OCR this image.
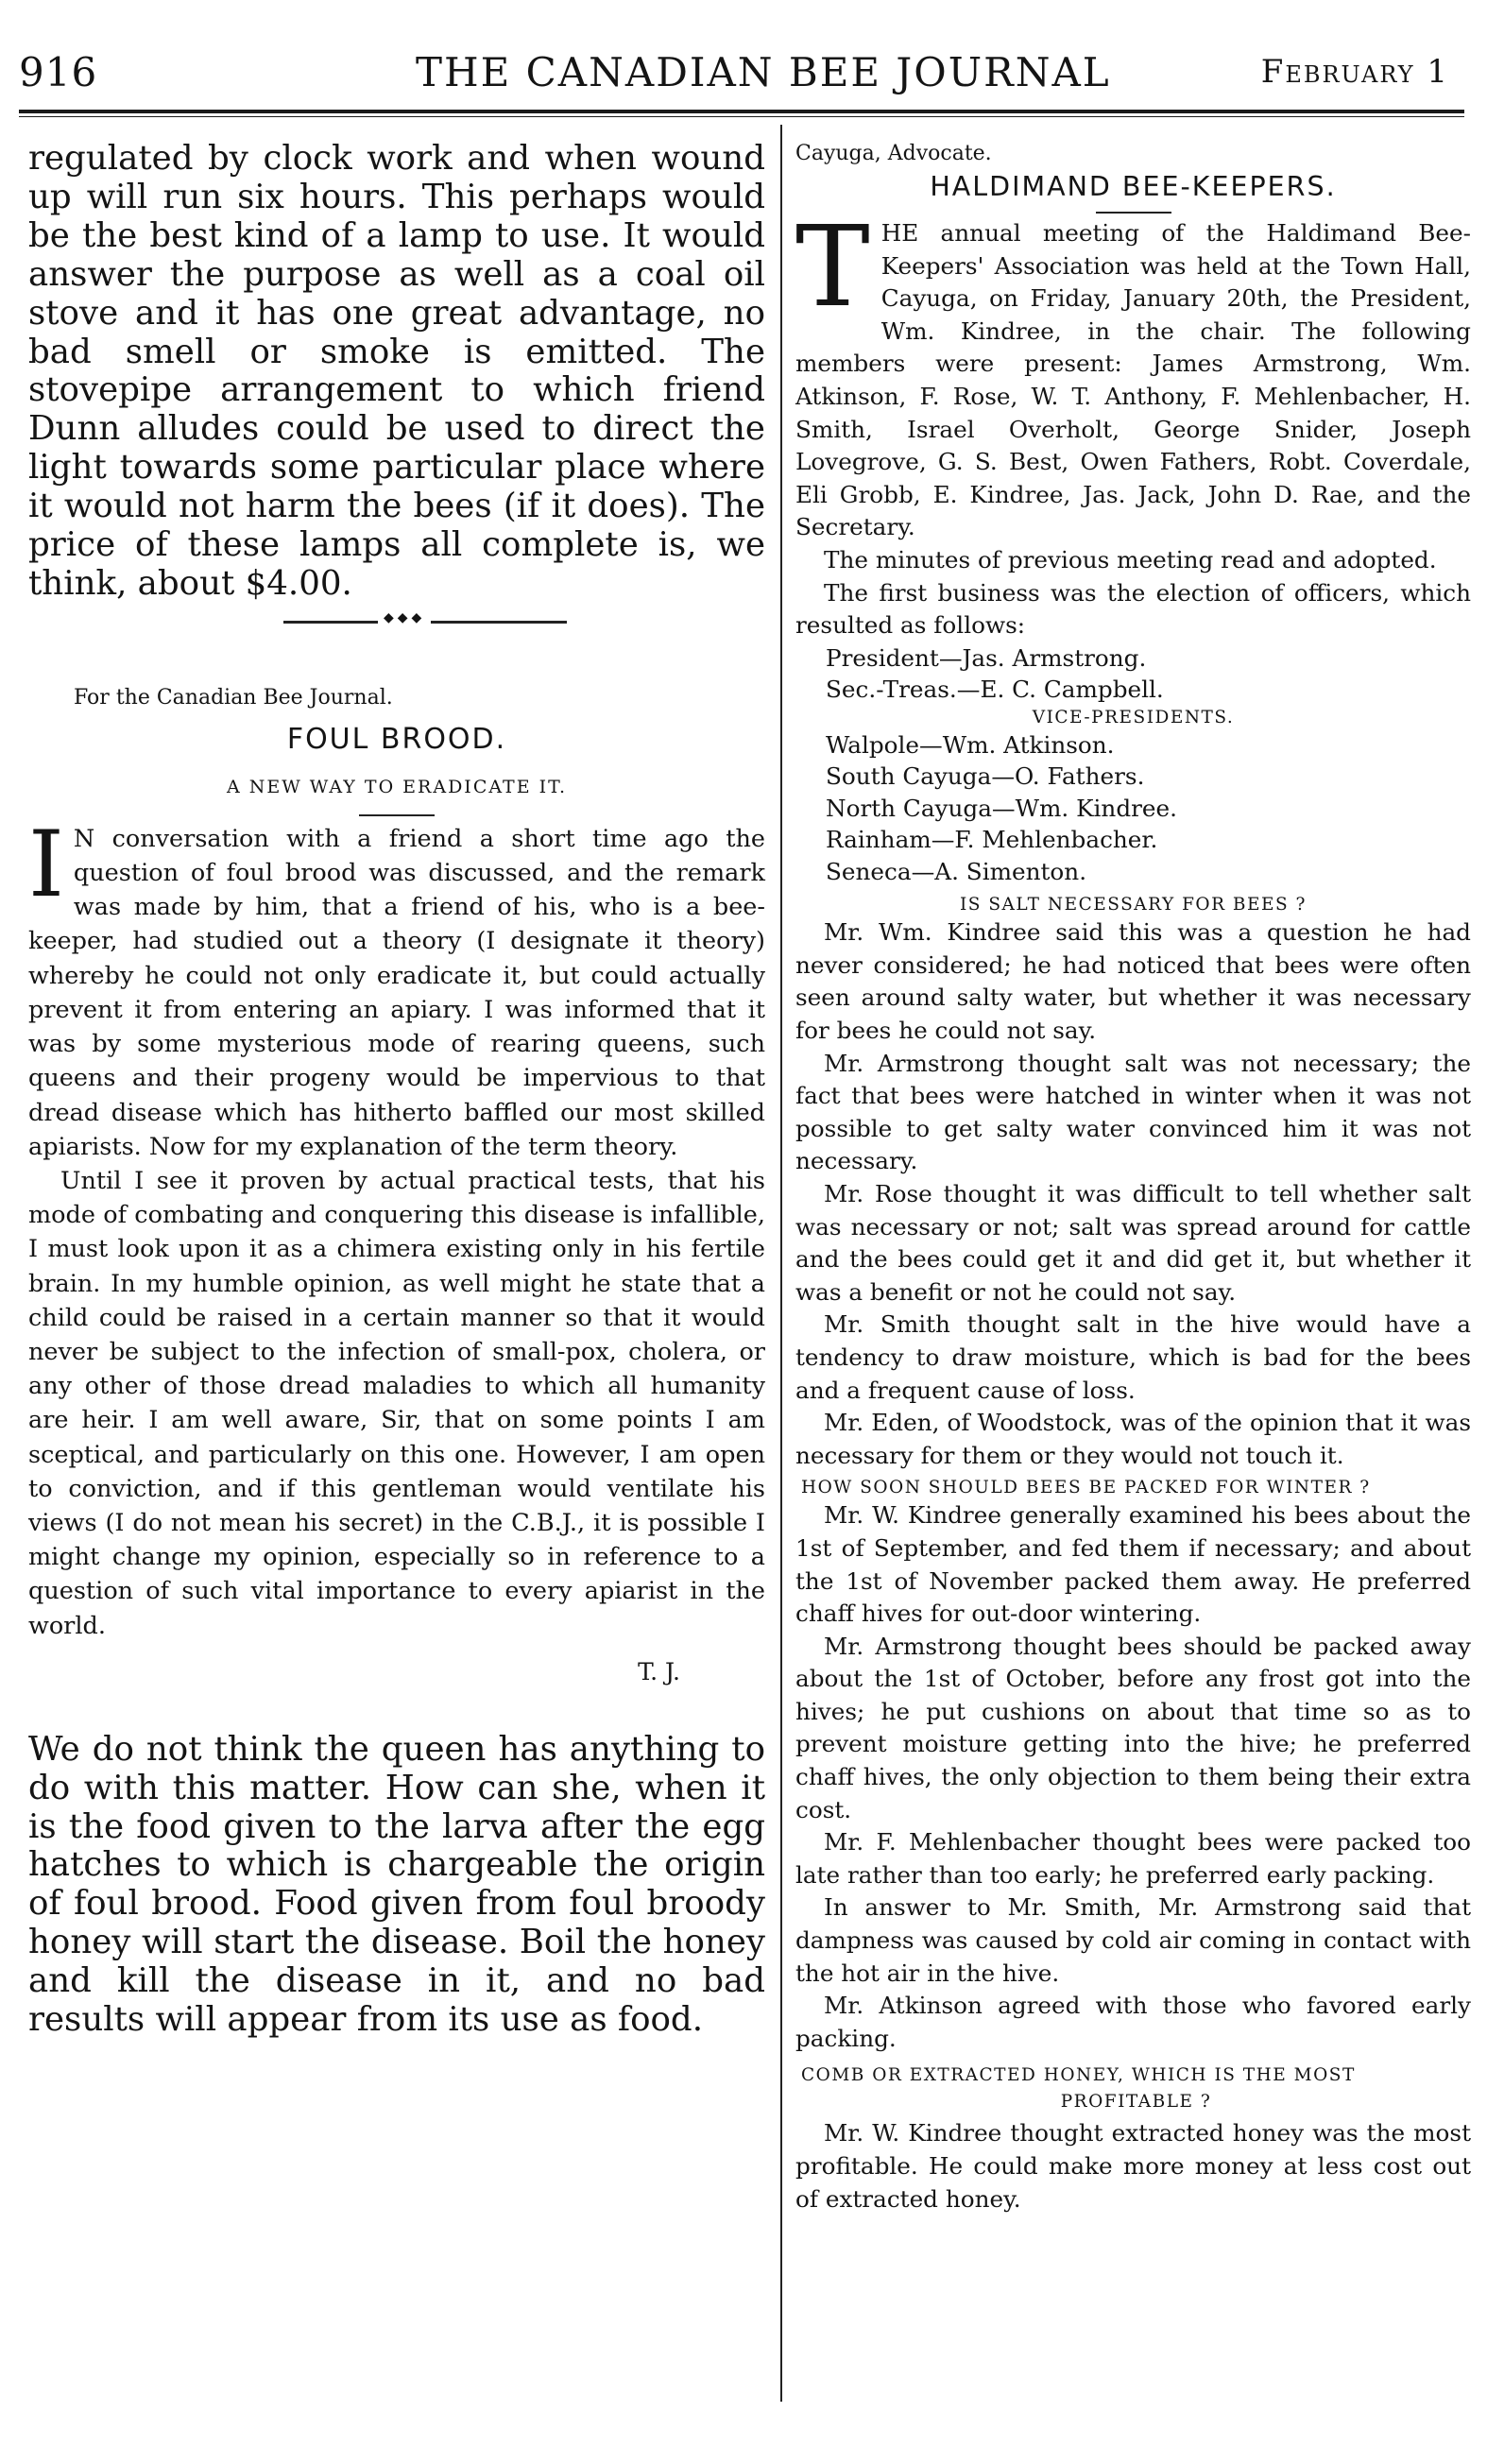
916	THE CANADIAN BEE JOURNAL	February 1

regulated by clock work and when wound up will run six hours. This perhaps would be the best kind of a lamp to use. It would answer the purpose as well as a coal oil stove and it has one great advantage, no bad smell or smoke is emitted. The stovepipe arrangement to which friend Dunn alludes could be used to direct the light towards some particular place where it would not harm the bees (if it does). The price of these lamps all complete is, we think, about $4.00.

◆◆◆
For the Canadian Bee Journal.
FOUL BROOD.
A NEW WAY TO ERADICATE IT.

I N conversation with a friend a short time ago the question of foul brood was discussed, and the remark was made by him, that a friend of his, who is a bee-keeper, had studied out a theory (I designate it theory) whereby he could not only eradicate it, but could actually prevent it from entering an apiary. I was informed that it was by some mysterious mode of rearing queens, such queens and their progeny would be impervious to that dread disease which has hitherto baffled our most skilled apiarists. Now for my explanation of the term theory.

Until I see it proven by actual practical tests, that his mode of combating and conquering this disease is infallible, I must look upon it as a chimera existing only in his fertile brain. In my humble opinion, as well might he state that a child could be raised in a certain manner so that it would never be subject to the infection of small-pox, cholera, or any other of those dread maladies to which all humanity are heir. I am well aware, Sir, that on some points I am sceptical, and particularly on this one. However, I am open to conviction, and if this gentleman would ventilate his views (I do not mean his secret) in the C.B.J., it is possible I might change my opinion, especially so in reference to a question of such vital importance to every apiarist in the world.

T. J.

We do not think the queen has anything to do with this matter. How can she, when it is the food given to the larva after the egg hatches to which is chargeable the origin of foul brood. Food given from foul broody honey will start the disease. Boil the honey and kill the disease in it, and no bad results will appear from its use as food.

Cayuga, Advocate.

HALDIMAND BEE-KEEPERS.

THE annual meeting of the Haldimand Bee-Keepers' Association was held at the Town Hall, Cayuga, on Friday, January 20th, the President, Wm. Kindree, in the chair. The following members were present: James Armstrong, Wm. Atkinson, F. Rose, W. T. Anthony, F. Mehlenbacher, H. Smith, Israel Overholt, George Snider, Joseph Lovegrove, G. S. Best, Owen Fathers, Robt. Coverdale, Eli Grobb, E. Kindree, Jas. Jack, John D. Rae, and the Secretary.

The minutes of previous meeting read and adopted.

The first business was the election of officers, which resulted as follows:

President—Jas. Armstrong.
Sec.-Treas.—E. C. Campbell.
VICE-PRESIDENTS.
Walpole—Wm. Atkinson.
South Cayuga—O. Fathers.
North Cayuga—Wm. Kindree.
Rainham—F. Mehlenbacher.
Seneca—A. Simenton.
IS SALT NECESSARY FOR BEES ?

Mr. Wm. Kindree said this was a question he had never considered; he had noticed that bees were often seen around salty water, but whether it was necessary for bees he could not say.

Mr. Armstrong thought salt was not necessary; the fact that bees were hatched in winter when it was not possible to get salty water convinced him it was not necessary.

Mr. Rose thought it was difficult to tell whether salt was necessary or not; salt was spread around for cattle and the bees could get it and did get it, but whether it was a benefit or not he could not say.

Mr. Smith thought salt in the hive would have a tendency to draw moisture, which is bad for the bees and a frequent cause of loss.

Mr. Eden, of Woodstock, was of the opinion that it was necessary for them or they would not touch it.

HOW SOON SHOULD BEES BE PACKED FOR WINTER ?

Mr. W. Kindree generally examined his bees about the 1st of September, and fed them if necessary; and about the 1st of November packed them away. He preferred chaff hives for out-door wintering.

Mr. Armstrong thought bees should be packed away about the 1st of October, before any frost got into the hives; he put cushions on about that time so as to prevent moisture getting into the hive; he preferred chaff hives, the only objection to them being their extra cost.

Mr. F. Mehlenbacher thought bees were packed too late rather than too early; he preferred early packing.

In answer to Mr. Smith, Mr. Armstrong said that dampness was caused by cold air coming in contact with the hot air in the hive.

Mr. Atkinson agreed with those who favored early packing.

COMB OR EXTRACTED HONEY, WHICH IS THE MOST
PROFITABLE ?

Mr. W. Kindree thought extracted honey was the most profitable. He could make more money at less cost out of extracted honey.
